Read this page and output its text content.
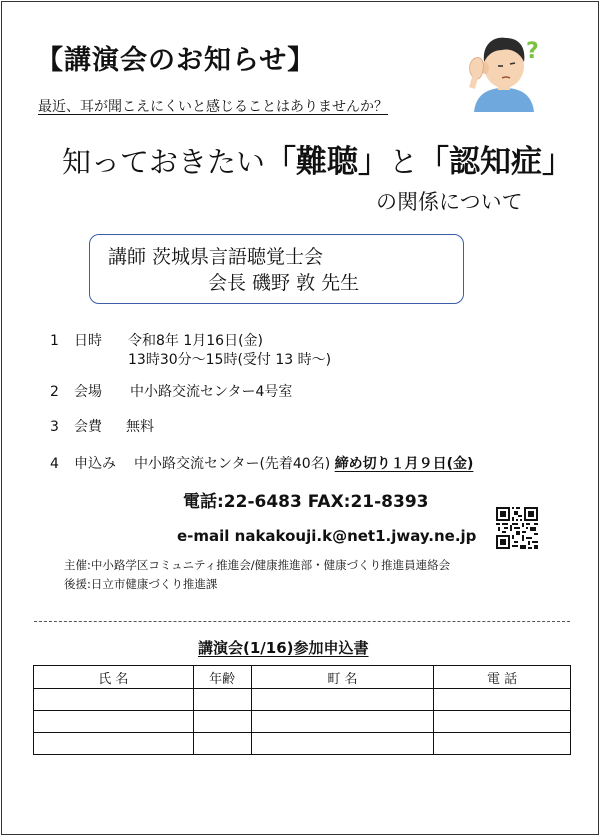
【講演会のお知らせ】	?
最近、耳が聞こえにくいと感じることはありませんか？
知っておきたい「難聴」と「認知症」
の関係について
講師 茨城県言語聴覚士会
会長 磯野 敦 先生
1 日時 令和8年 1月16日(金)
13時30分～15時(受付 13 時～)
2 会場 中小路交流センター4号室
3 会費 無料
4 申込み 中小路交流センター(先着40名) 締め切り１月９日(金)
電話:22-6483 FAX:21-8393
e-mail nakakouji.k@net1.jway.ne.jp
主催:中小路学区コミュニティ推進会/健康推進部・健康づくり推進員連絡会
後援:日立市健康づくり推進課
講演会(1/16)参加申込書
氏 名	年齢	町 名	電 話
